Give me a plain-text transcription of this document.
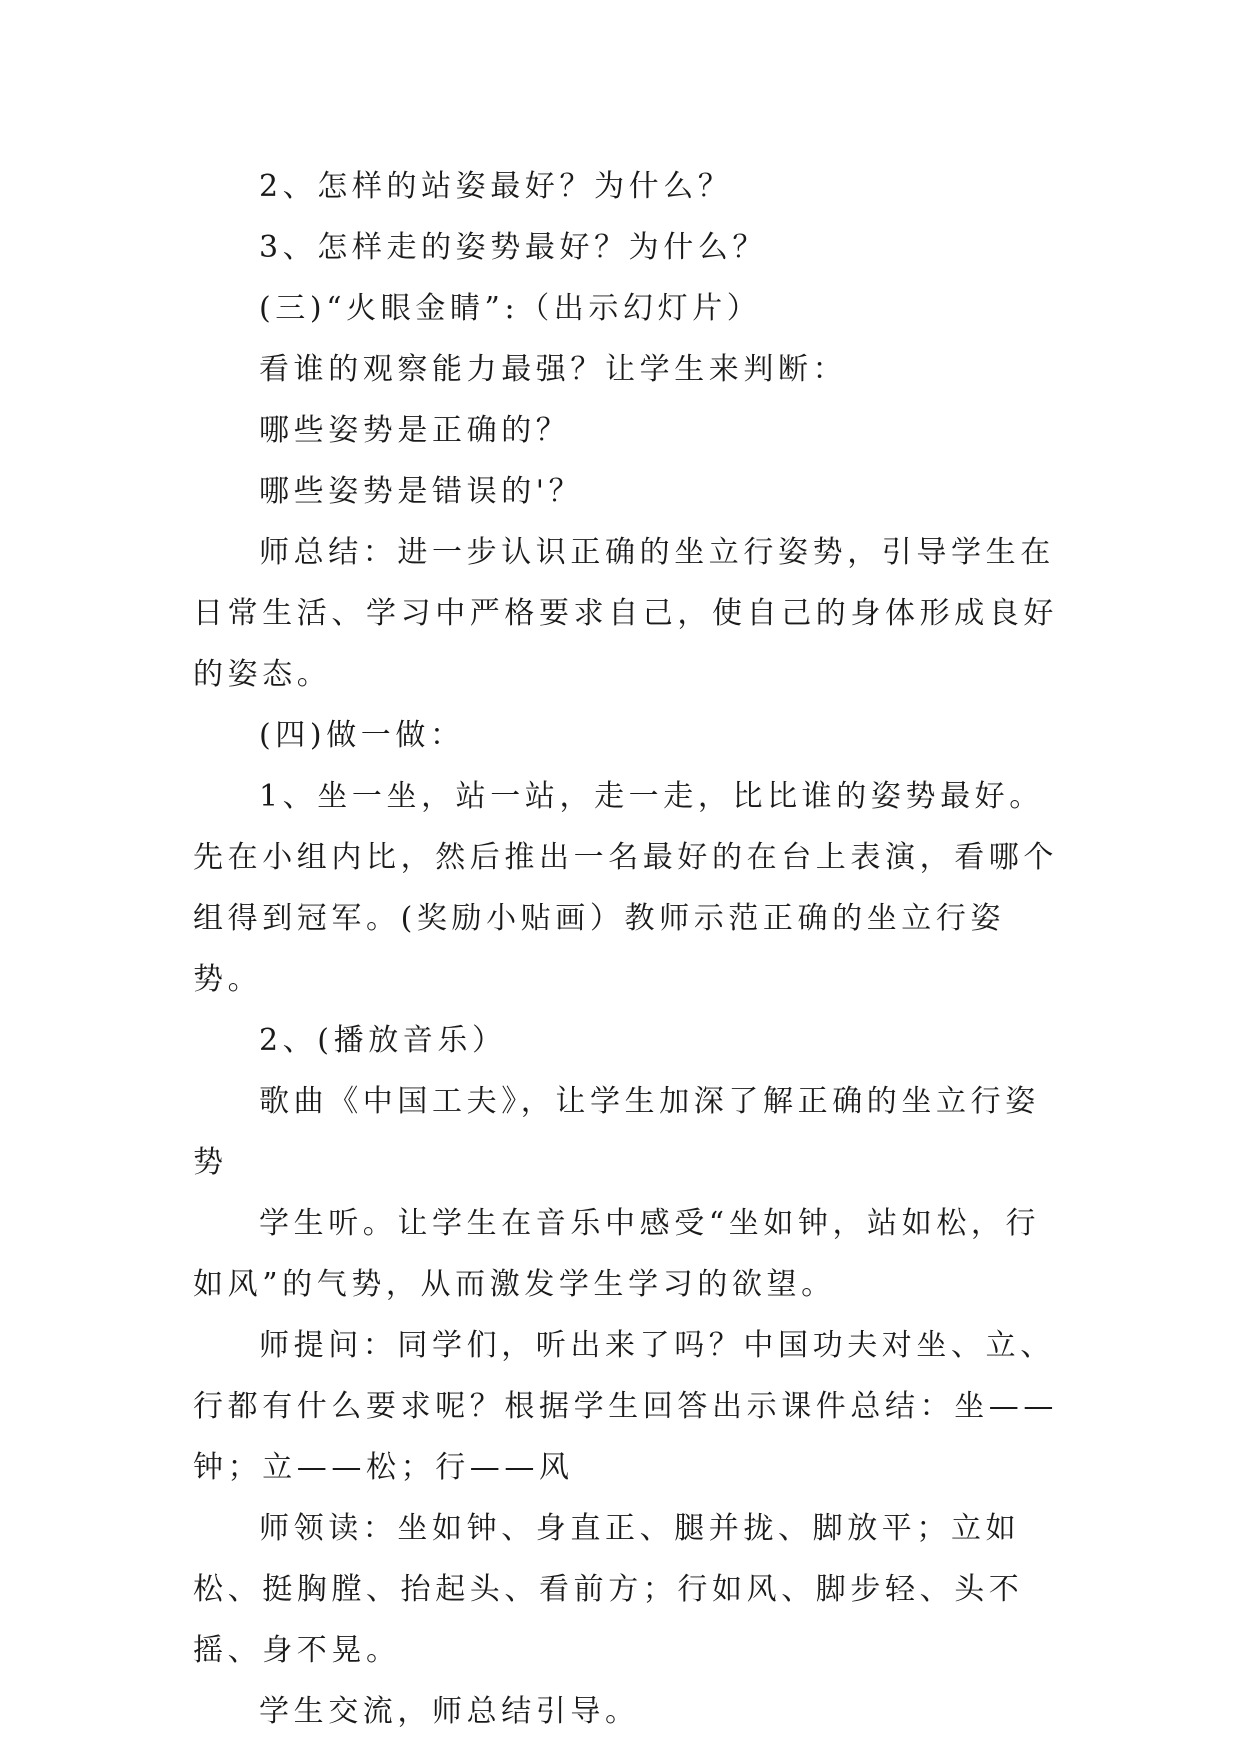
2、怎样的站姿最好？为什么？

3、怎样走的姿势最好？为什么？

(三)“火眼金睛”:（出示幻灯片）

看谁的观察能力最强？让学生来判断：

哪些姿势是正确的？

哪些姿势是错误的'？

师总结：进一步认识正确的坐立行姿势，引导学生在日常生活、学习中严格要求自己，使自己的身体形成良好的姿态。

(四)做一做：

1、坐一坐，站一站，走一走，比比谁的姿势最好。先在小组内比，然后推出一名最好的在台上表演，看哪个组得到冠军。(奖励小贴画）教师示范正确的坐立行姿势。

2、(播放音乐）

歌曲《中国工夫》，让学生加深了解正确的坐立行姿势

学生听。让学生在音乐中感受“坐如钟，站如松，行如风”的气势，从而激发学生学习的欲望。

师提问：同学们，听出来了吗？中国功夫对坐、立、行都有什么要求呢？根据学生回答出示课件总结：坐——钟；立——松；行——风

师领读：坐如钟、身直正、腿并拢、脚放平；立如松、挺胸膛、抬起头、看前方；行如风、脚步轻、头不摇、身不晃。

学生交流，师总结引导。
